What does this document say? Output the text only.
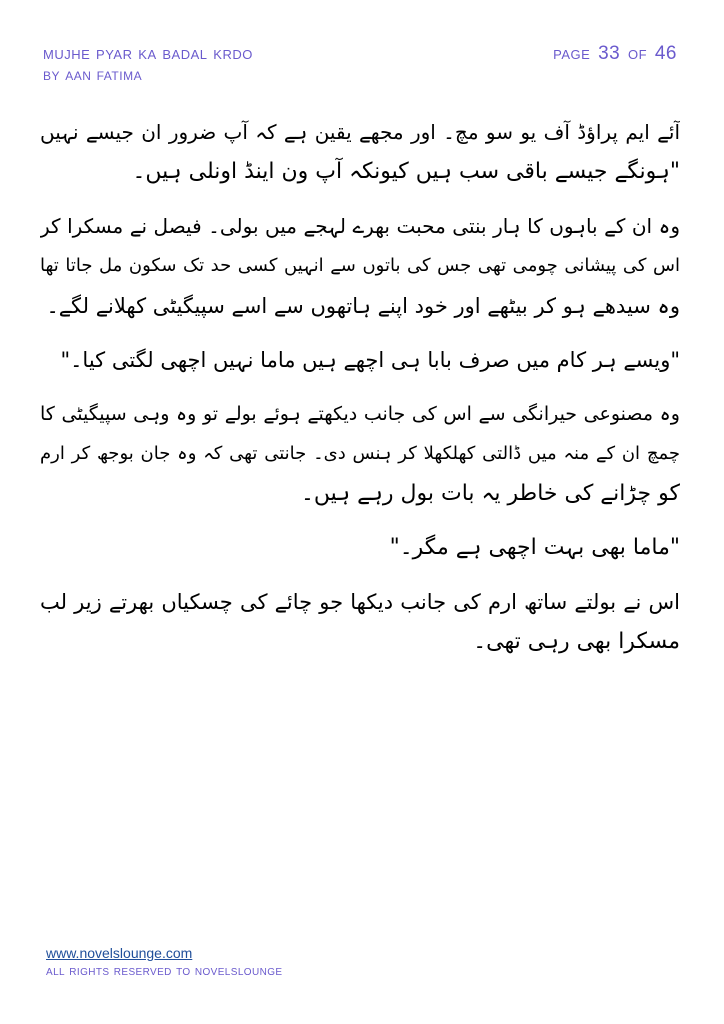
mujhe pyar ka badal krdo
by aan fatima
page 33 of 46
آئے ایم پراؤڈ آف یو سو مچ۔ اور مجھے یقین ہے کہ آپ ضرور ان جیسے نہیں
"ہونگے جیسے باقی سب ہیں کیونکہ آپ ون اینڈ اونلی ہیں۔
وہ ان کے باہوں کا ہار بنتی محبت بھرے لہجے میں بولی۔ فیصل نے مسکرا کر
اس کی پیشانی چومی تھی جس کی باتوں سے انہیں کسی حد تک سکون مل جاتا تھا
وہ سیدھے ہو کر بیٹھے اور خود اپنے ہاتھوں سے اسے سپیگیٹی کھلانے لگے۔
"ویسے ہر کام میں صرف بابا ہی اچھے ہیں ماما نہیں اچھی لگتی کیا۔"
وہ مصنوعی حیرانگی سے اس کی جانب دیکھتے ہوئے بولے تو وہ وہی سپیگیٹی کا
چمچ ان کے منہ میں ڈالتی کھلکھلا کر ہنس دی۔ جانتی تھی کہ وہ جان بوجھ کر ارم
کو چڑانے کی خاطر یہ بات بول رہے ہیں۔
"ماما بھی بہت اچھی ہے مگر۔"
اس نے بولتے ساتھ ارم کی جانب دیکھا جو چائے کی چسکیاں بھرتے زیر لب
مسکرا بھی رہی تھی۔
www.novelslounge.com
all rights reserved to novelslounge
